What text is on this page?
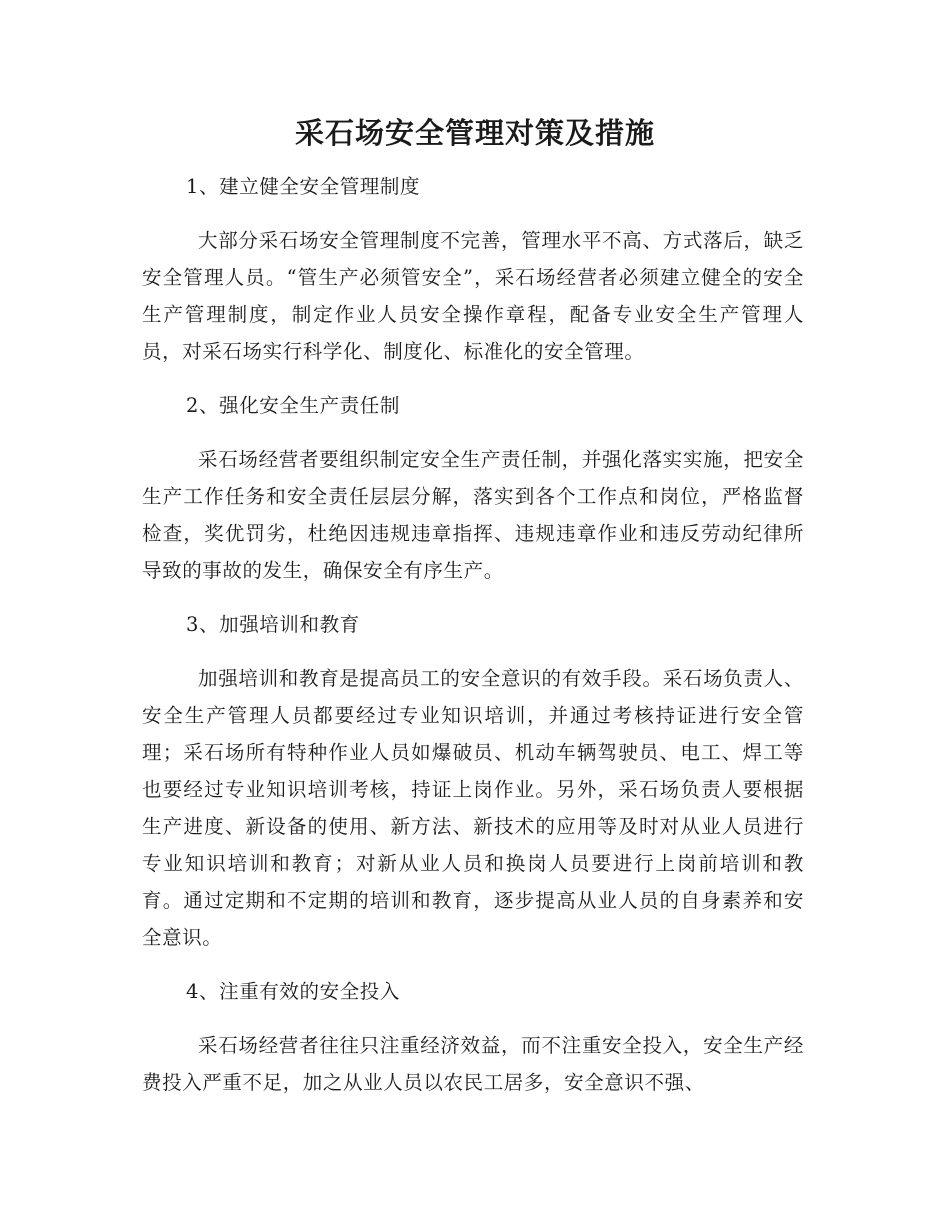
采石场安全管理对策及措施

1、建立健全安全管理制度

大部分采石场安全管理制度不完善，管理水平不高、方式落后，缺乏安全管理人员。“管生产必须管安全”，采石场经营者必须建立健全的安全生产管理制度，制定作业人员安全操作章程，配备专业安全生产管理人员，对采石场实行科学化、制度化、标准化的安全管理。

2、强化安全生产责任制

采石场经营者要组织制定安全生产责任制，并强化落实实施，把安全生产工作任务和安全责任层层分解，落实到各个工作点和岗位，严格监督检查，奖优罚劣，杜绝因违规违章指挥、违规违章作业和违反劳动纪律所导致的事故的发生，确保安全有序生产。

3、加强培训和教育

加强培训和教育是提高员工的安全意识的有效手段。采石场负责人、安全生产管理人员都要经过专业知识培训，并通过考核持证进行安全管理；采石场所有特种作业人员如爆破员、机动车辆驾驶员、电工、焊工等也要经过专业知识培训考核，持证上岗作业。另外，采石场负责人要根据生产进度、新设备的使用、新方法、新技术的应用等及时对从业人员进行专业知识培训和教育；对新从业人员和换岗人员要进行上岗前培训和教育。通过定期和不定期的培训和教育，逐步提高从业人员的自身素养和安全意识。

4、注重有效的安全投入

采石场经营者往往只注重经济效益，而不注重安全投入，安全生产经费投入严重不足，加之从业人员以农民工居多，安全意识不强、
